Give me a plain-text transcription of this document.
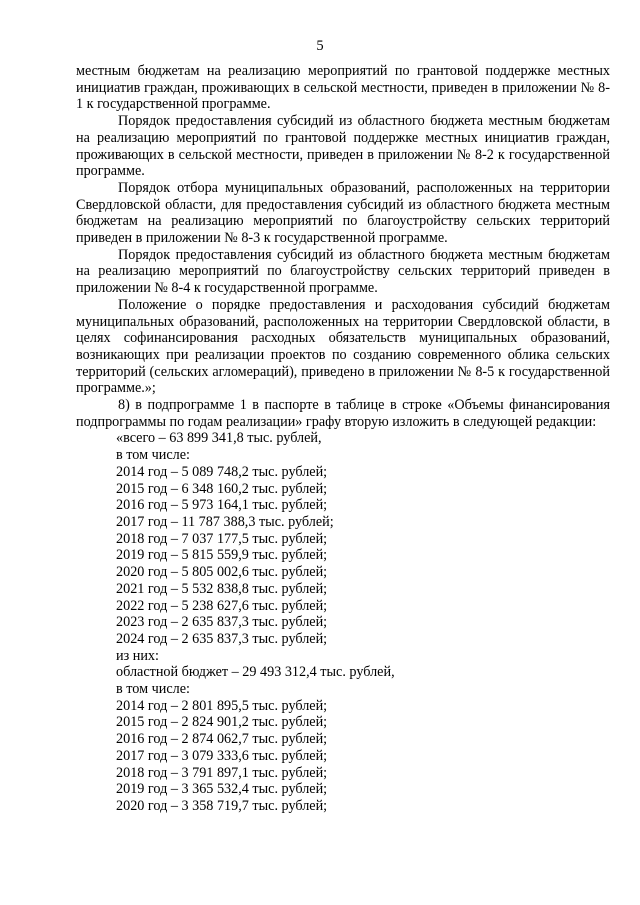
5

местным бюджетам на реализацию мероприятий по грантовой поддержке местных инициатив граждан, проживающих в сельской местности, приведен в приложении № 8-1 к государственной программе.

Порядок предоставления субсидий из областного бюджета местным бюджетам на реализацию мероприятий по грантовой поддержке местных инициатив граждан, проживающих в сельской местности, приведен в приложении № 8-2 к государственной программе.

Порядок отбора муниципальных образований, расположенных на территории Свердловской области, для предоставления субсидий из областного бюджета местным бюджетам на реализацию мероприятий по благоустройству сельских территорий приведен в приложении № 8-3 к государственной программе.

Порядок предоставления субсидий из областного бюджета местным бюджетам на реализацию мероприятий по благоустройству сельских территорий приведен в приложении № 8-4 к государственной программе.

Положение о порядке предоставления и расходования субсидий бюджетам муниципальных образований, расположенных на территории Свердловской области, в целях софинансирования расходных обязательств муниципальных образований, возникающих при реализации проектов по созданию современного облика сельских территорий (сельских агломераций), приведено в приложении № 8-5 к государственной программе.»;

8) в подпрограмме 1 в паспорте в таблице в строке «Объемы финансирования подпрограммы по годам реализации» графу вторую изложить в следующей редакции:

«всего – 63 899 341,8 тыс. рублей,
в том числе:
2014 год – 5 089 748,2 тыс. рублей;
2015 год – 6 348 160,2 тыс. рублей;
2016 год – 5 973 164,1 тыс. рублей;
2017 год – 11 787 388,3 тыс. рублей;
2018 год – 7 037 177,5 тыс. рублей;
2019 год – 5 815 559,9 тыс. рублей;
2020 год – 5 805 002,6 тыс. рублей;
2021 год – 5 532 838,8 тыс. рублей;
2022 год – 5 238 627,6 тыс. рублей;
2023 год – 2 635 837,3 тыс. рублей;
2024 год – 2 635 837,3 тыс. рублей;
из них:
областной бюджет – 29 493 312,4 тыс. рублей,
в том числе:
2014 год – 2 801 895,5 тыс. рублей;
2015 год – 2 824 901,2 тыс. рублей;
2016 год – 2 874 062,7 тыс. рублей;
2017 год – 3 079 333,6 тыс. рублей;
2018 год – 3 791 897,1 тыс. рублей;
2019 год – 3 365 532,4 тыс. рублей;
2020 год – 3 358 719,7 тыс. рублей;
